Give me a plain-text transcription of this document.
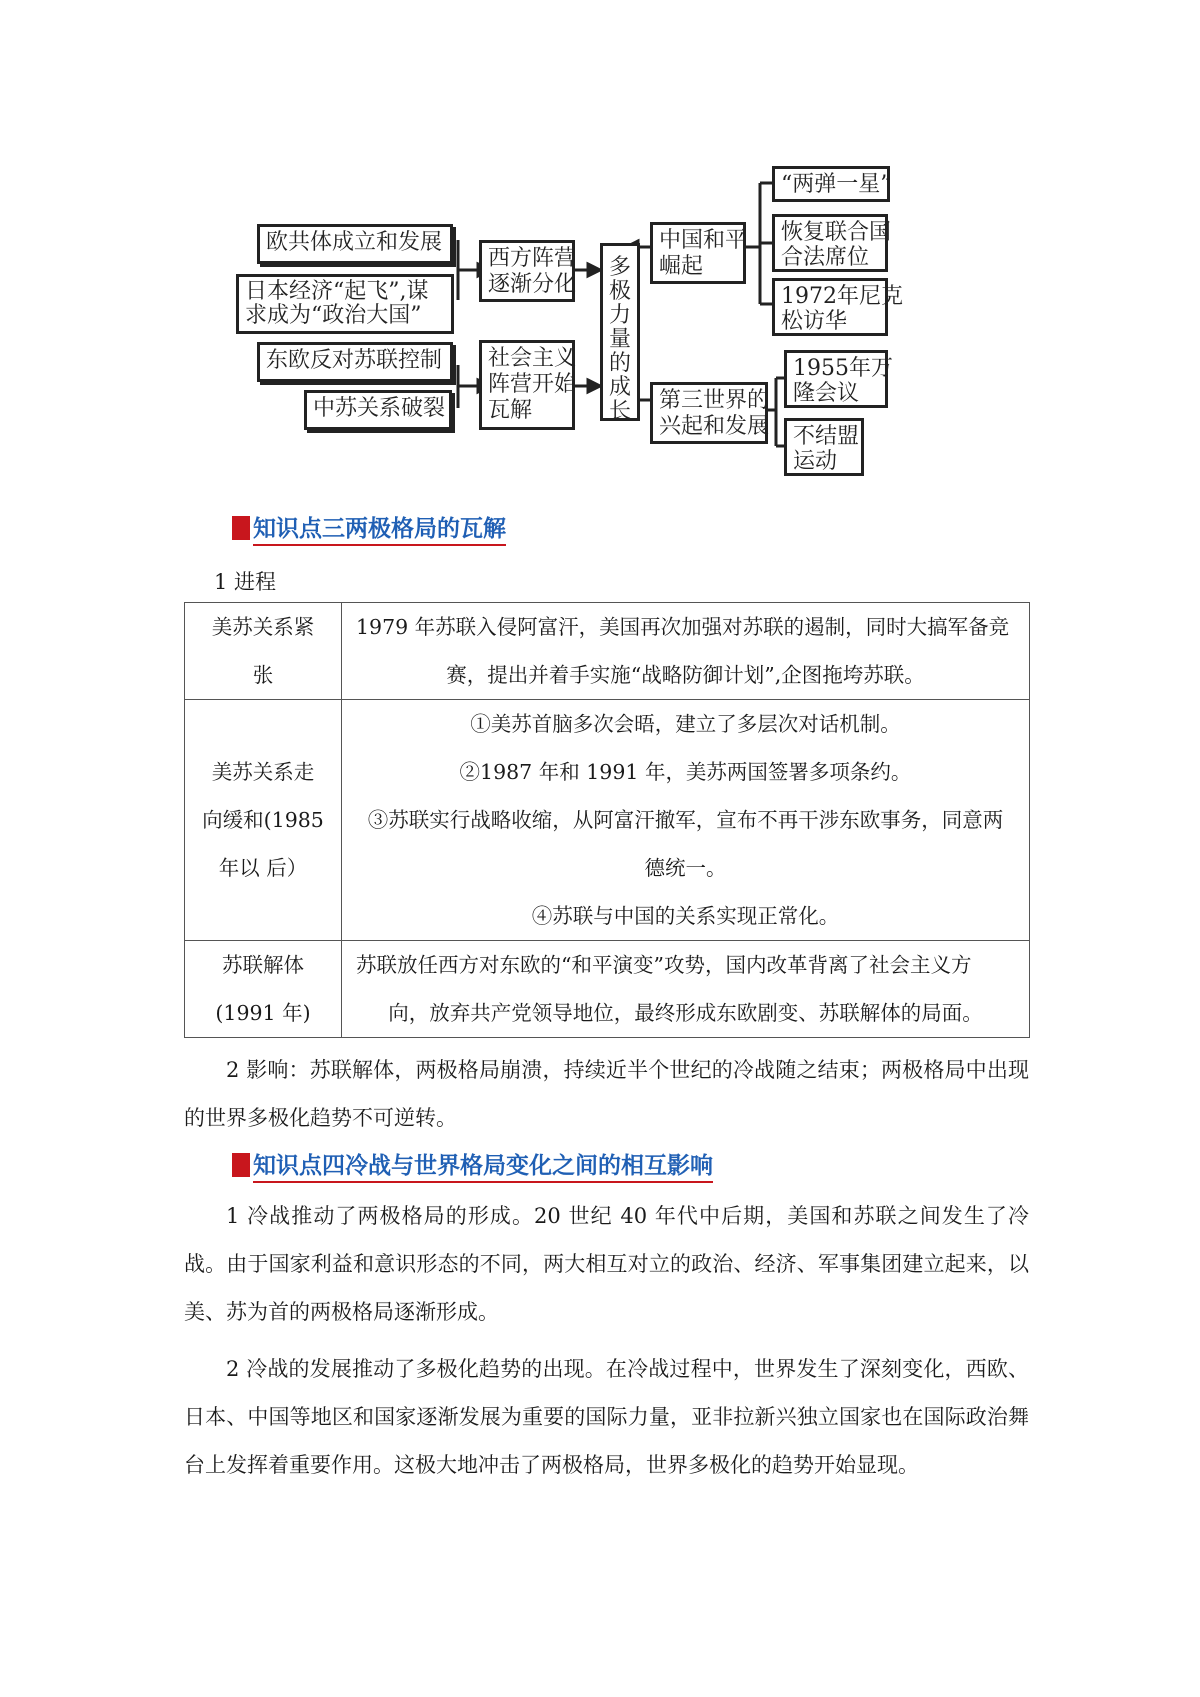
欧共体成立和发展
日本经济“起飞”,谋
求成为“政治大国”
东欧反对苏联控制
中苏关系破裂
西方阵营
逐渐分化
社会主义
阵营开始
瓦解
多
极
力
量
的
成
长
中国和平
崛起
第三世界的
兴起和发展
“两弹一星”
恢复联合国
合法席位
1972年尼克
松访华
1955年万
隆会议
不结盟
运动
知识点三两极格局的瓦解
1 进程
美苏关系紧
张	1979 年苏联入侵阿富汗，美国再次加强对苏联的遏制，同时大搞军备竞
赛，提出并着手实施“战略防御计划”,企图拖垮苏联。

美苏关系走
向缓和(1985
年以 后）	①美苏首脑多次会晤，建立了多层次对话机制。
②1987 年和 1991 年，美苏两国签署多项条约。
③苏联实行战略收缩，从阿富汗撤军，宣布不再干涉东欧事务，同意两
德统一。
④苏联与中国的关系实现正常化。

苏联解体
(1991 年)	苏联放任西方对东欧的“和平演变”攻势，国内改革背离了社会主义方
向，放弃共产党领导地位，最终形成东欧剧变、苏联解体的局面。
2 影响：苏联解体，两极格局崩溃，持续近半个世纪的冷战随之结束；两极格局中出现的世界多极化趋势不可逆转。
知识点四冷战与世界格局变化之间的相互影响
1 冷战推动了两极格局的形成。20 世纪 40 年代中后期，美国和苏联之间发生了冷战。由于国家利益和意识形态的不同，两大相互对立的政治、经济、军事集团建立起来，以美、苏为首的两极格局逐渐形成。
2 冷战的发展推动了多极化趋势的出现。在冷战过程中，世界发生了深刻变化，西欧、日本、中国等地区和国家逐渐发展为重要的国际力量，亚非拉新兴独立国家也在国际政治舞台上发挥着重要作用。这极大地冲击了两极格局，世界多极化的趋势开始显现。
